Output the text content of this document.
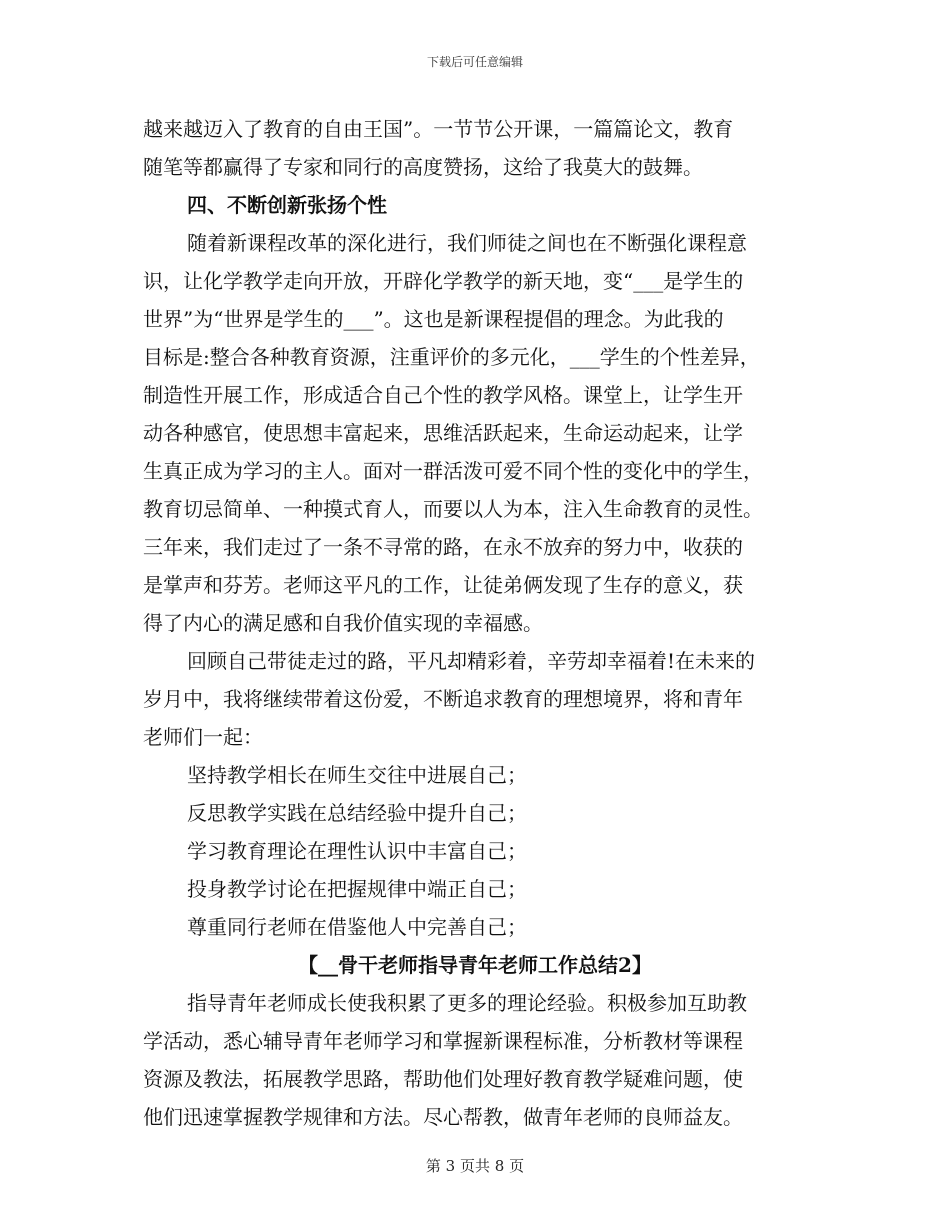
下载后可任意编辑
越来越迈入了教育的自由王国”。一节节公开课，一篇篇论文，教育
随笔等都赢得了专家和同行的高度赞扬，这给了我莫大的鼓舞。
四、不断创新张扬个性
随着新课程改革的深化进行，我们师徒之间也在不断强化课程意
识，让化学教学走向开放，开辟化学教学的新天地，变“___是学生的
世界”为“世界是学生的___”。这也是新课程提倡的理念。为此我的
目标是:整合各种教育资源，注重评价的多元化，___学生的个性差异，
制造性开展工作，形成适合自己个性的教学风格。课堂上，让学生开
动各种感官，使思想丰富起来，思维活跃起来，生命运动起来，让学
生真正成为学习的主人。面对一群活泼可爱不同个性的变化中的学生，
教育切忌简单、一种摸式育人，而要以人为本，注入生命教育的灵性。
三年来，我们走过了一条不寻常的路，在永不放弃的努力中，收获的
是掌声和芬芳。老师这平凡的工作，让徒弟俩发现了生存的意义，获
得了内心的满足感和自我价值实现的幸福感。
回顾自己带徒走过的路，平凡却精彩着，辛劳却幸福着!在未来的
岁月中，我将继续带着这份爱，不断追求教育的理想境界，将和青年
老师们一起：
坚持教学相长在师生交往中进展自己；
反思教学实践在总结经验中提升自己；
学习教育理论在理性认识中丰富自己；
投身教学讨论在把握规律中端正自己；
尊重同行老师在借鉴他人中完善自己；
【__骨干老师指导青年老师工作总结2】
指导青年老师成长使我积累了更多的理论经验。积极参加互助教
学活动，悉心辅导青年老师学习和掌握新课程标准，分析教材等课程
资源及教法，拓展教学思路，帮助他们处理好教育教学疑难问题，使
他们迅速掌握教学规律和方法。尽心帮教，做青年老师的良师益友。
第 3 页共 8 页
